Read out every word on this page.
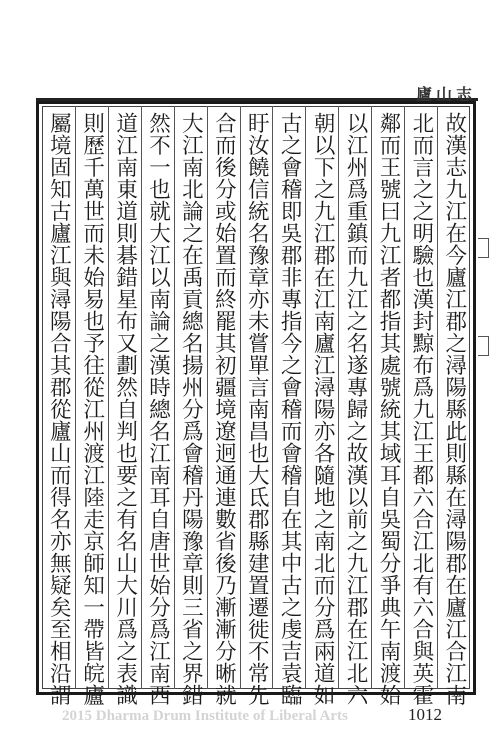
廬 山 志
故漢志九江在今廬江郡之潯陽縣此則縣在潯陽郡在廬江合江南
北而言之之明驗也漢封黥布爲九江王都六合江北有六合與英霍
鄰而王號曰九江者都指其處號統其域耳自吳蜀分爭典午南渡始
以江州爲重鎮而九江之名遂專歸之故漢以前之九江郡在江北六
朝以下之九江郡在江南廬江潯陽亦各隨地之南北而分爲兩道如
古之會稽即吳郡非專指今之會稽而會稽自在其中古之虔吉袁臨
盱汝饒信統名豫章亦未嘗單言南昌也大氐郡縣建置遷徙不常先
合而後分或始置而終罷其初疆境遼迥通連數省後乃漸漸分晰就
大江南北論之在禹貢總名揚州分爲會稽丹陽豫章則三省之界錯
然不一也就大江以南論之漢時總名江南耳自唐世始分爲江南西
道江南東道則碁錯星布又劃然自判也要之有名山大川爲之表識
則歷千萬世而未始易也予往從江州渡江陸走京師知一帶皆皖廬
屬境固知古廬江與潯陽合其郡從廬山而得名亦無疑矣至相沿謂
2015 Dharma Drum Institute of Liberal Arts	1012
